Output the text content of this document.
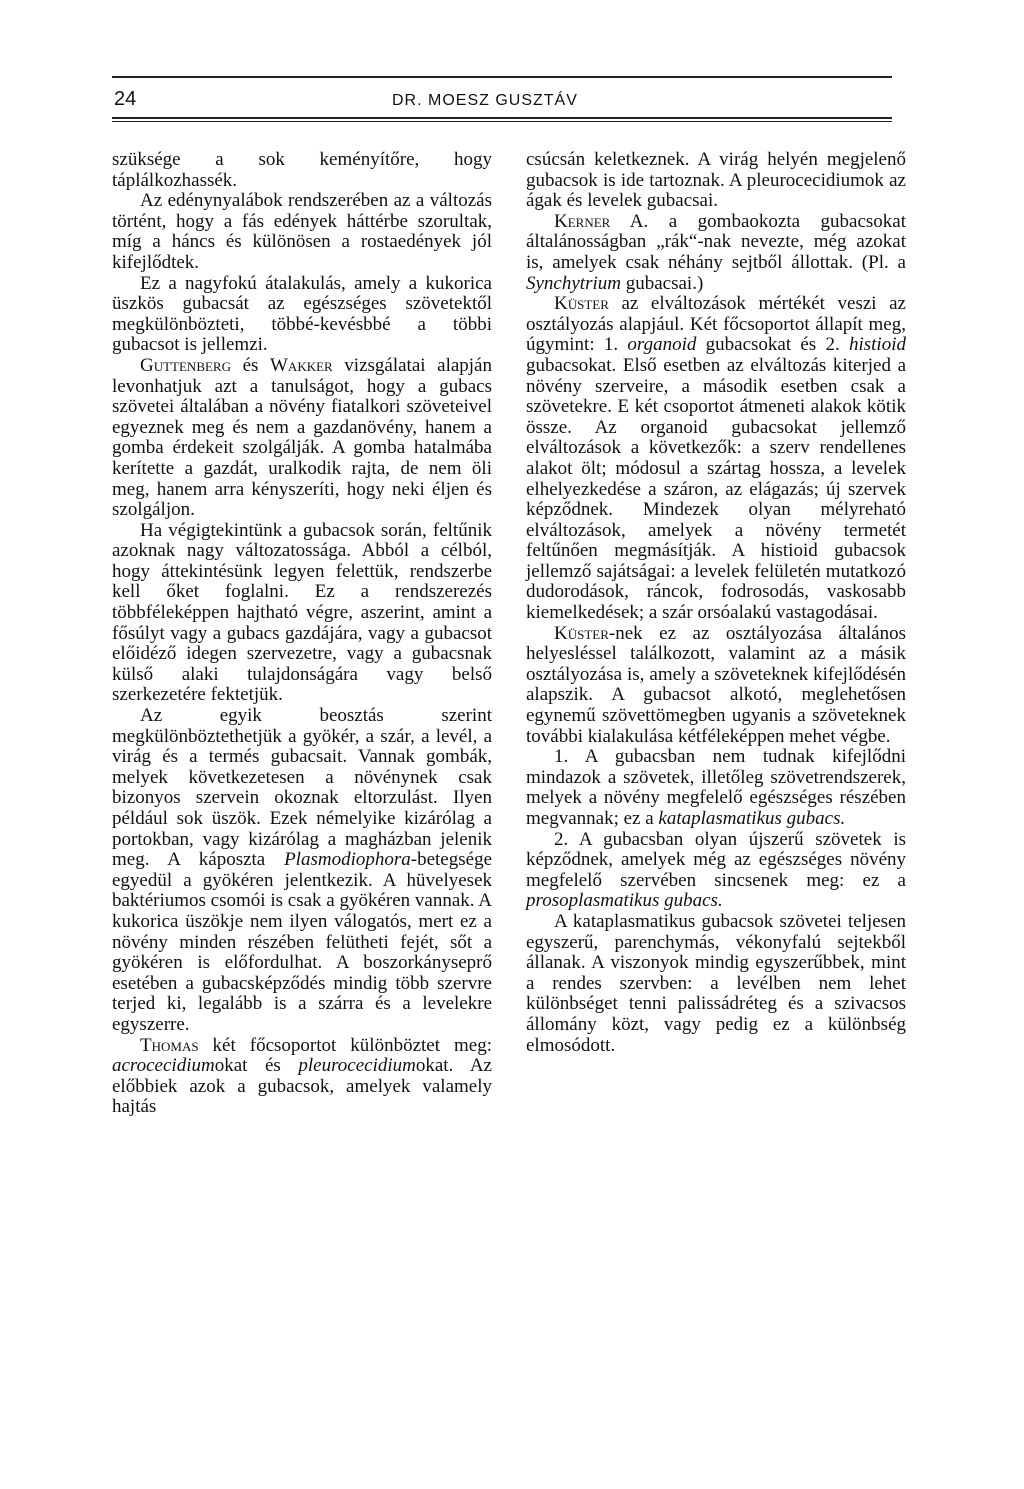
24	DR. MOESZ GUSZTÁV

szüksége a sok keményítőre, hogy táplálkozhassék.

Az edénynyalábok rendszerében az a változás történt, hogy a fás edények háttérbe szorultak, míg a háncs és különösen a rostaedények jól kifejlődtek.

Ez a nagyfokú átalakulás, amely a kukorica üszkös gubacsát az egészséges szövetektől megkülönbözteti, többé-kevésbbé a többi gubacsot is jellemzi.

Guttenberg és Wakker vizsgálatai alapján levonhatjuk azt a tanulságot, hogy a gubacs szövetei általában a növény fiatalkori szöveteivel egyeznek meg és nem a gazdanövény, hanem a gomba érdekeit szolgálják. A gomba hatalmába kerítette a gazdát, uralkodik rajta, de nem öli meg, hanem arra kényszeríti, hogy neki éljen és szolgáljon.

Ha végigtekintünk a gubacsok során, feltűnik azoknak nagy változatossága. Abból a célból, hogy áttekintésünk legyen felettük, rendszerbe kell őket foglalni. Ez a rendszerezés többféleképpen hajtható végre, aszerint, amint a fősúlyt vagy a gubacs gazdájára, vagy a gubacsot előidéző idegen szervezetre, vagy a gubacsnak külső alaki tulajdonságára vagy belső szerkezetére fektetjük.

Az egyik beosztás szerint megkülönböztethetjük a gyökér, a szár, a levél, a virág és a termés gubacsait. Vannak gombák, melyek következetesen a növénynek csak bizonyos szervein okoznak eltorzulást. Ilyen például sok üszök. Ezek némelyike kizárólag a portokban, vagy kizárólag a magházban jelenik meg. A káposzta Plasmodiophora-betegsége egyedül a gyökéren jelentkezik. A hüvelyesek baktériumos csomói is csak a gyökéren vannak. A kukorica üszökje nem ilyen válogatós, mert ez a növény minden részében felütheti fejét, sőt a gyökéren is előfordulhat. A boszorkányseprő esetében a gubacsképződés mindig több szervre terjed ki, legalább is a szárra és a levelekre egyszerre.

Thomas két főcsoportot különböztet meg: acrocecidiumokat és pleurocecidiumokat. Az előbbiek azok a gubacsok, amelyek valamely hajtás

csúcsán keletkeznek. A virág helyén megjelenő gubacsok is ide tartoznak. A pleurocecidiumok az ágak és levelek gubacsai.

Kerner A. a gombaokozta gubacsokat általánosságban „rák“-nak nevezte, még azokat is, amelyek csak néhány sejtből állottak. (Pl. a Synchytrium gubacsai.)

Küster az elváltozások mértékét veszi az osztályozás alapjául. Két főcsoportot állapít meg, úgymint: 1. organoid gubacsokat és 2. histioid gubacsokat. Első esetben az elváltozás kiterjed a növény szerveire, a második esetben csak a szövetekre. E két csoportot átmeneti alakok kötik össze. Az organoid gubacsokat jellemző elváltozások a következők: a szerv rendellenes alakot ölt; módosul a szártag hossza, a levelek elhelyezkedése a száron, az elágazás; új szervek képződnek. Mindezek olyan mélyreható elváltozások, amelyek a növény termetét feltűnően megmásítják. A histioid gubacsok jellemző sajátságai: a levelek felületén mutatkozó dudorodások, ráncok, fodrosodás, vaskosabb kiemelkedések; a szár orsóalakú vastagodásai.

Küster-nek ez az osztályozása általános helyesléssel találkozott, valamint az a másik osztályozása is, amely a szöveteknek kifejlődésén alapszik. A gubacsot alkotó, meglehetősen egynemű szövettömegben ugyanis a szöveteknek további kialakulása kétféleképpen mehet végbe.

1. A gubacsban nem tudnak kifejlődni mindazok a szövetek, illetőleg szövetrendszerek, melyek a növény megfelelő egészséges részében megvannak; ez a kataplasmatikus gubacs.

2. A gubacsban olyan újszerű szövetek is képződnek, amelyek még az egészséges növény megfelelő szervében sincsenek meg: ez a prosoplasmatikus gubacs.

A kataplasmatikus gubacsok szövetei teljesen egyszerű, parenchymás, vékonyfalú sejtekből állanak. A viszonyok mindig egyszerűbbek, mint a rendes szervben: a levélben nem lehet különbséget tenni palissádréteg és a szivacsos állomány közt, vagy pedig ez a különbség elmosódott.
